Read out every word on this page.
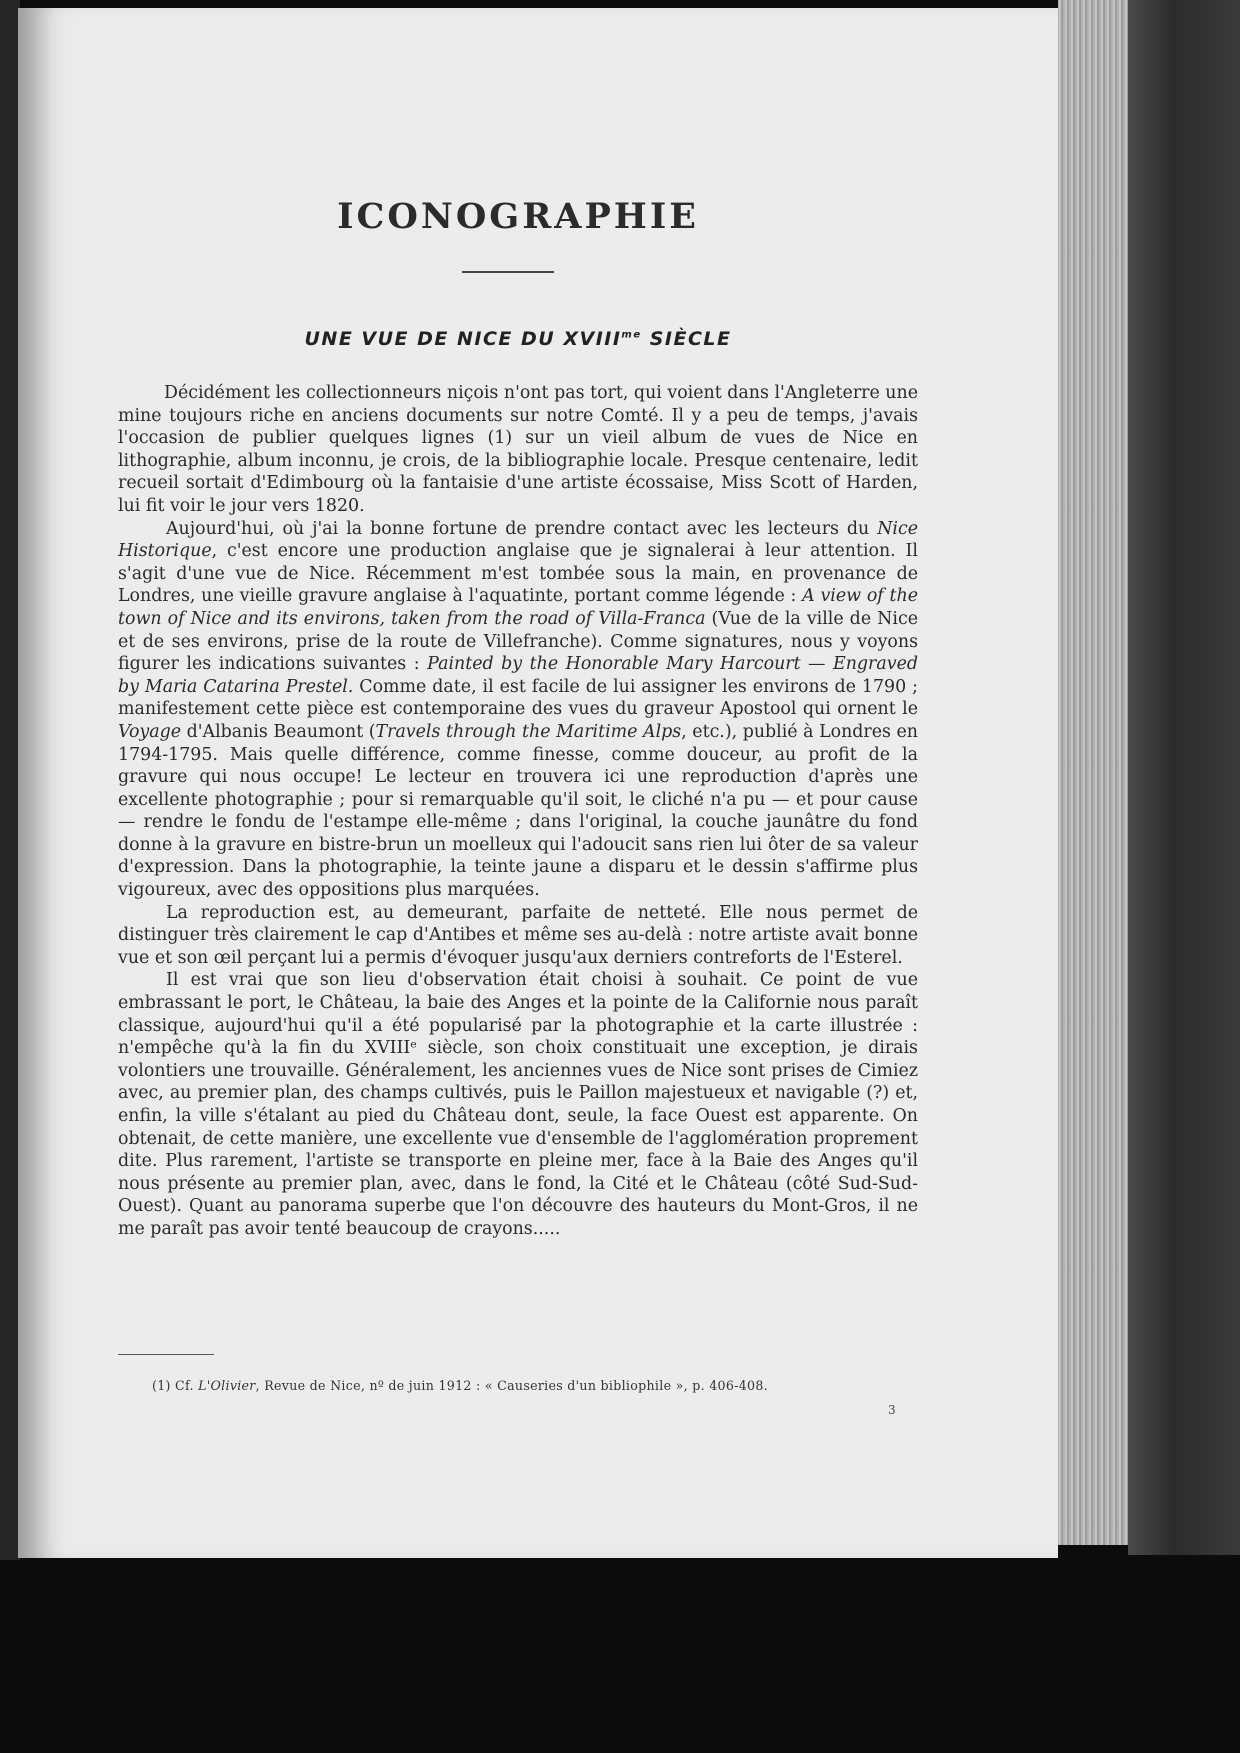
ICONOGRAPHIE
UNE VUE DE NICE DU $XVIII^{me}$ SIÈCLE

Décidément les collectionneurs niçois n'ont pas tort, qui voient dans l'Angleterre une mine toujours riche en anciens documents sur notre Comté. Il y a peu de temps, j'avais l'occasion de publier quelques lignes (1) sur un vieil album de vues de Nice en lithographie, album inconnu, je crois, de la bibliographie locale. Presque centenaire, ledit recueil sortait d'Edimbourg où la fantaisie d'une artiste écossaise, Miss Scott of Harden, lui fit voir le jour vers 1820.

Aujourd'hui, où j'ai la bonne fortune de prendre contact avec les lecteurs du Nice Historique, c'est encore une production anglaise que je signalerai à leur attention. Il s'agit d'une vue de Nice. Récemment m'est tombée sous la main, en provenance de Londres, une vieille gravure anglaise à l'aquatinte, portant comme légende : A view of the town of Nice and its environs, taken from the road of Villa-Franca (Vue de la ville de Nice et de ses environs, prise de la route de Villefranche). Comme signatures, nous y voyons figurer les indications suivantes : Painted by the Honorable Mary Harcourt — Engraved by Maria Catarina Prestel. Comme date, il est facile de lui assigner les environs de 1790 ; manifestement cette pièce est contemporaine des vues du graveur Apostool qui ornent le Voyage d'Albanis Beaumont (Travels through the Maritime Alps, etc.), publié à Londres en 1794-1795. Mais quelle différence, comme finesse, comme douceur, au profit de la gravure qui nous occupe! Le lecteur en trouvera ici une reproduction d'après une excellente photographie ; pour si remarquable qu'il soit, le cliché n'a pu — et pour cause — rendre le fondu de l'estampe elle-même ; dans l'original, la couche jaunâtre du fond donne à la gravure en bistre-brun un moelleux qui l'adoucit sans rien lui ôter de sa valeur d'expression. Dans la photographie, la teinte jaune a disparu et le dessin s'affirme plus vigoureux, avec des oppositions plus marquées.

La reproduction est, au demeurant, parfaite de netteté. Elle nous permet de distinguer très clairement le cap d'Antibes et même ses au-delà : notre artiste avait bonne vue et son œil perçant lui a permis d'évoquer jusqu'aux derniers contreforts de l'Esterel.

Il est vrai que son lieu d'observation était choisi à souhait. Ce point de vue embrassant le port, le Château, la baie des Anges et la pointe de la Californie nous paraît classique, aujourd'hui qu'il a été popularisé par la photographie et la carte illustrée : n'empêche qu'à la fin du XVIIIᵉ siècle, son choix constituait une exception, je dirais volontiers une trouvaille. Généralement, les anciennes vues de Nice sont prises de Cimiez avec, au premier plan, des champs cultivés, puis le Paillon majestueux et navigable (?) et, enfin, la ville s'étalant au pied du Château dont, seule, la face Ouest est apparente. On obtenait, de cette manière, une excellente vue d'ensemble de l'agglomération proprement dite. Plus rarement, l'artiste se transporte en pleine mer, face à la Baie des Anges qu'il nous présente au premier plan, avec, dans le fond, la Cité et le Château (côté Sud-Sud-Ouest). Quant au panorama superbe que l'on découvre des hauteurs du Mont-Gros, il ne me paraît pas avoir tenté beaucoup de crayons.....

(1) Cf. L'Olivier, Revue de Nice, nº de juin 1912 : « Causeries d'un bibliophile », p. 406-408.

3
